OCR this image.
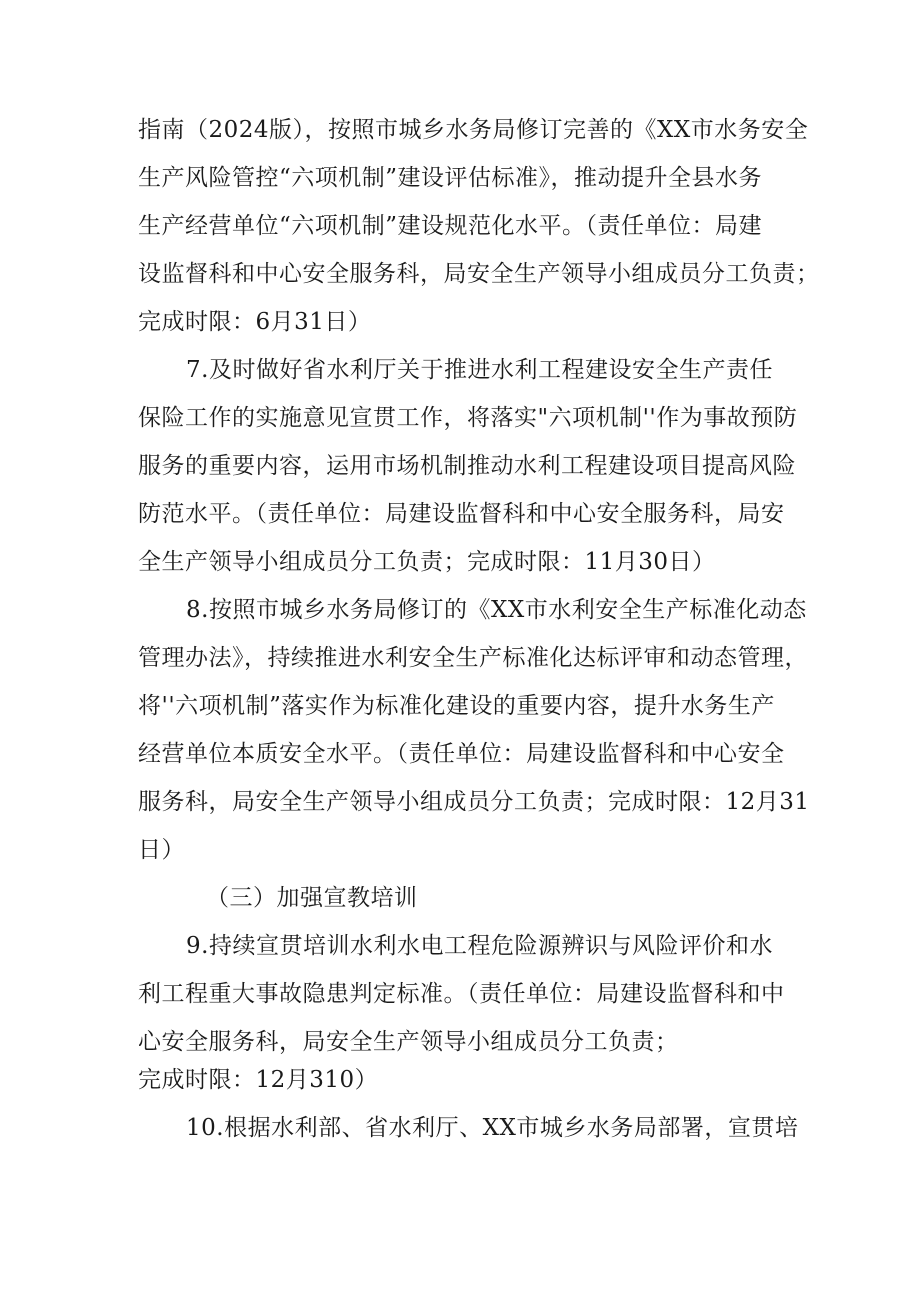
指南（2024版），按照市城乡水务局修订完善的《XX市水务安全
生产风险管控“六项机制”建设评估标准》，推动提升全县水务
生产经营单位“六项机制”建设规范化水平。（责任单位：局建
设监督科和中心安全服务科，局安全生产领导小组成员分工负责；
完成时限：6月31日）
7.及时做好省水利厅关于推进水利工程建设安全生产责任
保险工作的实施意见宣贯工作，将落实"六项机制''作为事故预防
服务的重要内容，运用市场机制推动水利工程建设项目提高风险
防范水平。（责任单位：局建设监督科和中心安全服务科，局安
全生产领导小组成员分工负责；完成时限：11月30日）
8.按照市城乡水务局修订的《XX市水利安全生产标准化动态
管理办法》，持续推进水利安全生产标准化达标评审和动态管理，
将''六项机制”落实作为标准化建设的重要内容，提升水务生产
经营单位本质安全水平。（责任单位：局建设监督科和中心安全
服务科，局安全生产领导小组成员分工负责；完成时限：12月31
日）
（三）加强宣教培训
9.持续宣贯培训水利水电工程危险源辨识与风险评价和水
利工程重大事故隐患判定标准。（责任单位：局建设监督科和中
心安全服务科，局安全生产领导小组成员分工负责；
完成时限：12月310）
10.根据水利部、省水利厅、XX市城乡水务局部署，宣贯培
